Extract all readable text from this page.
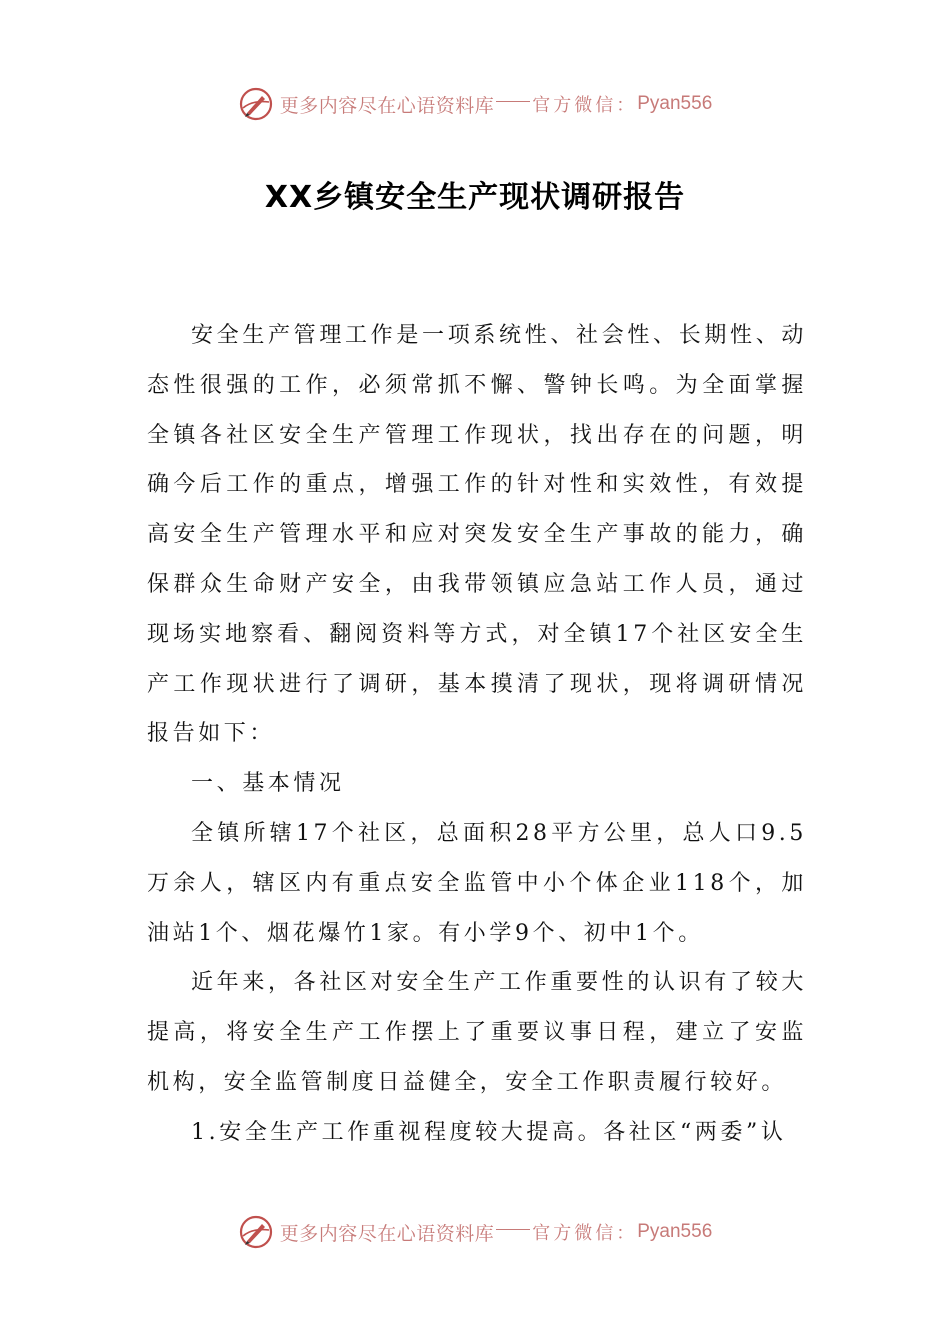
更多内容尽在心语资料库 官方微信： Pyan556
XX乡镇安全生产现状调研报告

安全生产管理工作是一项系统性、社会性、长期性、动态性很强的工作，必须常抓不懈、警钟长鸣。为全面掌握全镇各社区安全生产管理工作现状，找出存在的问题，明确今后工作的重点，增强工作的针对性和实效性，有效提高安全生产管理水平和应对突发安全生产事故的能力，确保群众生命财产安全，由我带领镇应急站工作人员，通过现场实地察看、翻阅资料等方式，对全镇17个社区安全生产工作现状进行了调研，基本摸清了现状，现将调研情况报告如下：

一、基本情况

全镇所辖17个社区，总面积28平方公里，总人口9.5万余人，辖区内有重点安全监管中小个体企业118个，加油站1个、烟花爆竹1家。有小学9个、初中1个。

近年来，各社区对安全生产工作重要性的认识有了较大提高，将安全生产工作摆上了重要议事日程，建立了安监机构，安全监管制度日益健全，安全工作职责履行较好。

1.安全生产工作重视程度较大提高。各社区“两委”认

更多内容尽在心语资料库 官方微信： Pyan556
